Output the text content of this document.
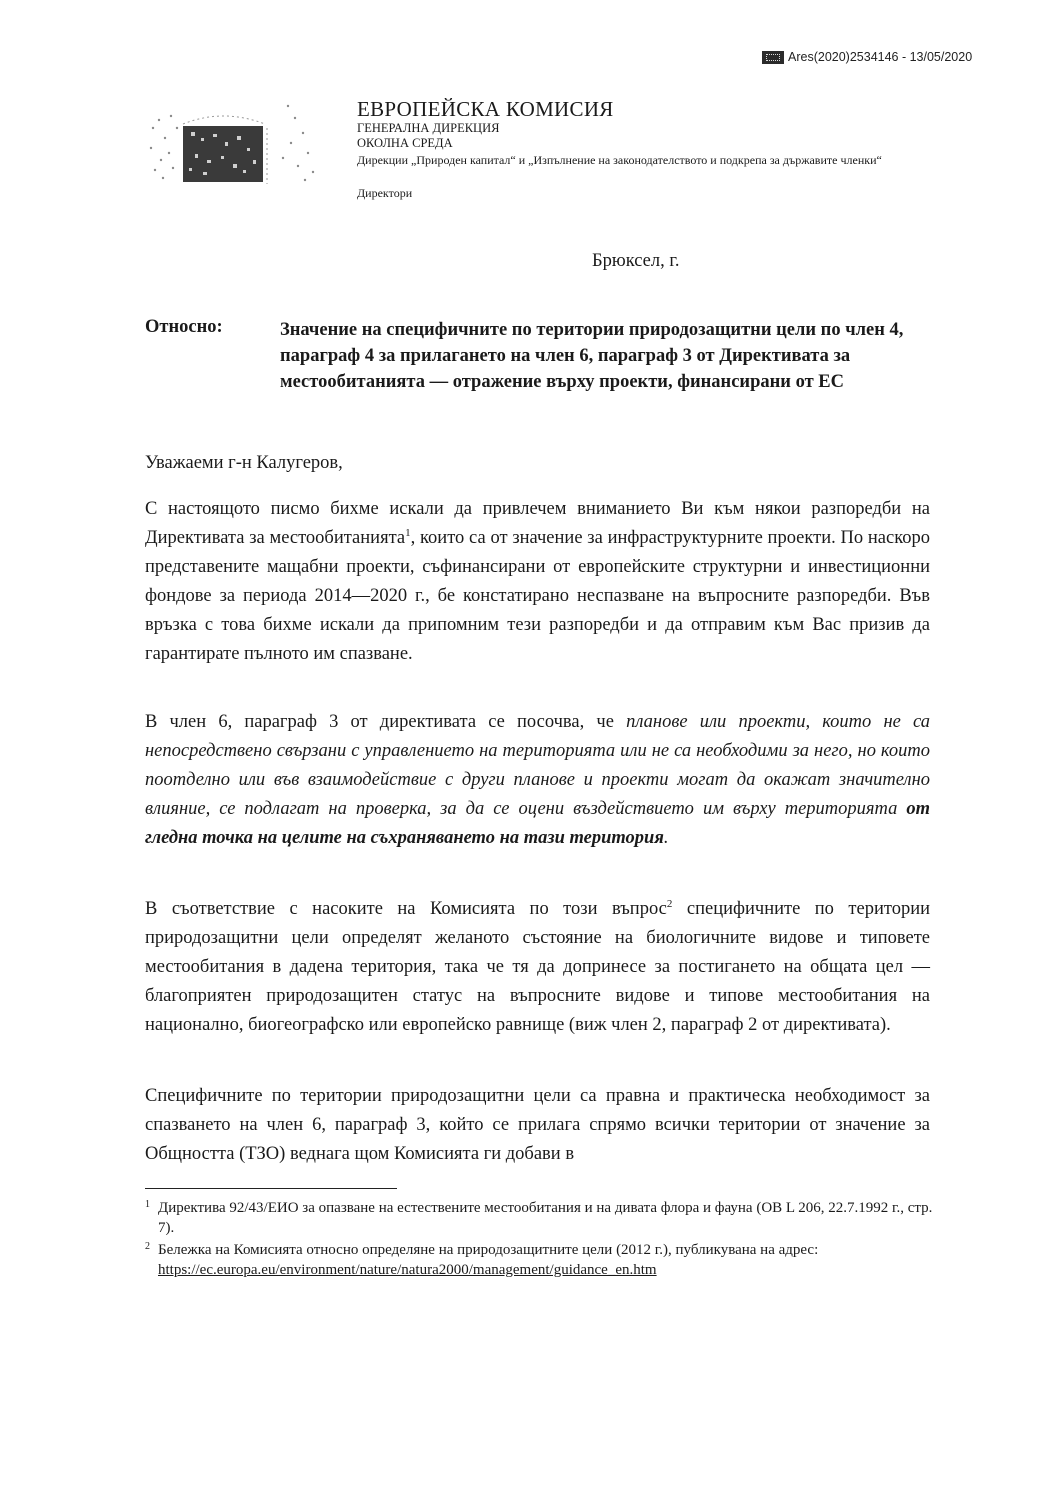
Ares(2020)2534146 - 13/05/2020
ЕВРОПЕЙСКА КОМИСИЯ
ГЕНЕРАЛНА ДИРЕКЦИЯ
ОКОЛНА СРЕДА
Дирекции „Природен капитал“ и „Изпълнение на законодателството и подкрепа за държавите членки“
Директори
Брюксел, г.
Относно:	Значение на специфичните по територии природозащитни цели по член 4, параграф 4 за прилагането на член 6, параграф 3 от Директивата за местообитанията — отражение върху проекти, финансирани от ЕС
Уважаеми г-н Калугеров,
С настоящото писмо бихме искали да привлечем вниманието Ви към някои разпоредби на Директивата за местообитанията$^1$, които са от значение за инфраструктурните проекти. По наскоро представените мащабни проекти, съфинансирани от европейските структурни и инвестиционни фондове за периода 2014—2020 г., бе констатирано неспазване на въпросните разпоредби. Във връзка с това бихме искали да припомним тези разпоредби и да отправим към Вас призив да гарантирате пълното им спазване.
В член 6, параграф 3 от директивата се посочва, че планове или проекти, които не са непосредствено свързани с управлението на територията или не са необходими за него, но които поотделно или във взаимодействие с други планове и проекти могат да окажат значително влияние, се подлагат на проверка, за да се оцени въздействието им върху територията от гледна точка на целите на съхраняването на тази територия.
В съответствие с насоките на Комисията по този въпрос$^2$ специфичните по територии природозащитни цели определят желаното състояние на биологичните видове и типовете местообитания в дадена територия, така че тя да допринесе за постигането на общата цел — благоприятен природозащитен статус на въпросните видове и типове местообитания на национално, биогеографско или европейско равнище (виж член 2, параграф 2 от директивата).
Специфичните по територии природозащитни цели са правна и практическа необходимост за спазването на член 6, параграф 3, който се прилага спрямо всички територии от значение за Общността (ТЗО) веднага щом Комисията ги добави в
1 Директива 92/43/ЕИО за опазване на естествените местообитания и на дивата флора и фауна (ОВ L 206, 22.7.1992 г., стр. 7).
2 Бележка на Комисията относно определяне на природозащитните цели (2012 г.), публикувана на адрес: https://ec.europa.eu/environment/nature/natura2000/management/guidance_en.htm
